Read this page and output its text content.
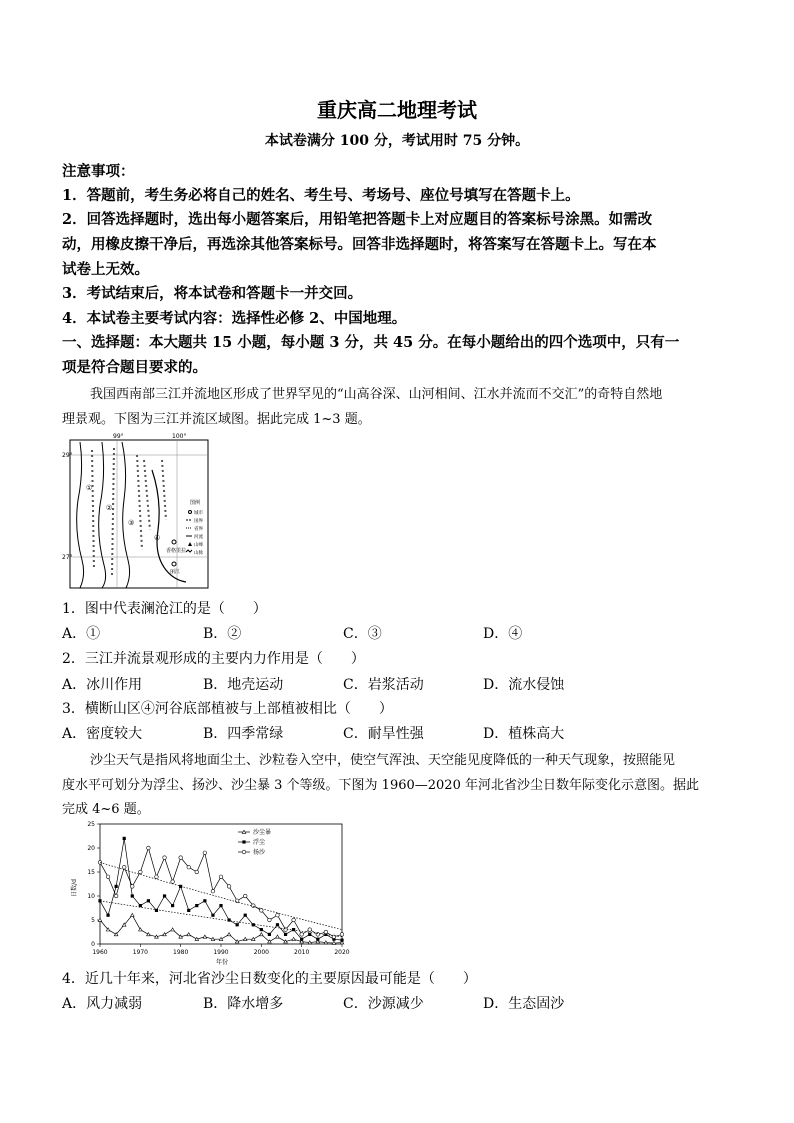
重庆高二地理考试
本试卷满分 100 分，考试用时 75 分钟。
注意事项：
1．答题前，考生务必将自己的姓名、考生号、考场号、座位号填写在答题卡上。
2．回答选择题时，选出每小题答案后，用铅笔把答题卡上对应题目的答案标号涂黑。如需改
动，用橡皮擦干净后，再选涂其他答案标号。回答非选择题时，将答案写在答题卡上。写在本
试卷上无效。
3．考试结束后，将本试卷和答题卡一并交回。
4．本试卷主要考试内容：选择性必修 2、中国地理。
一、选择题：本大题共 15 小题，每小题 3 分，共 45 分。在每小题给出的四个选项中，只有一
项是符合题目要求的。
我国西南部三江并流地区形成了世界罕见的“山高谷深、山河相间、江水并流而不交汇”的奇特自然地
理景观。下图为三江并流区域图。据此完成 1~3 题。
99°	100°
29°
27°
①
②
③
④
香格里拉
丽江
图例
城市
国界
省界
河流
山峰
山脉
1．图中代表澜沧江的是（　　）
A．①	B．②	C．③	D．④
2．三江并流景观形成的主要内力作用是（　　）
A．冰川作用	B．地壳运动	C．岩浆活动	D．流水侵蚀
3．横断山区④河谷底部植被与上部植被相比（　　）
A．密度较大	B．四季常绿	C．耐旱性强	D．植株高大
沙尘天气是指风将地面尘土、沙粒卷入空中，使空气浑浊、天空能见度降低的一种天气现象，按照能见
度水平可划分为浮尘、扬沙、沙尘暴 3 个等级。下图为 1960—2020 年河北省沙尘日数年际变化示意图。据此
完成 4~6 题。
0
5
10
15
20
25
1960	1970	1980	1990	2000	2010	2020
沙尘暴
浮尘
扬沙
年份
日数/d
4．近几十年来，河北省沙尘日数变化的主要原因最可能是（　　）
A．风力减弱	B．降水增多	C．沙源减少	D．生态固沙
